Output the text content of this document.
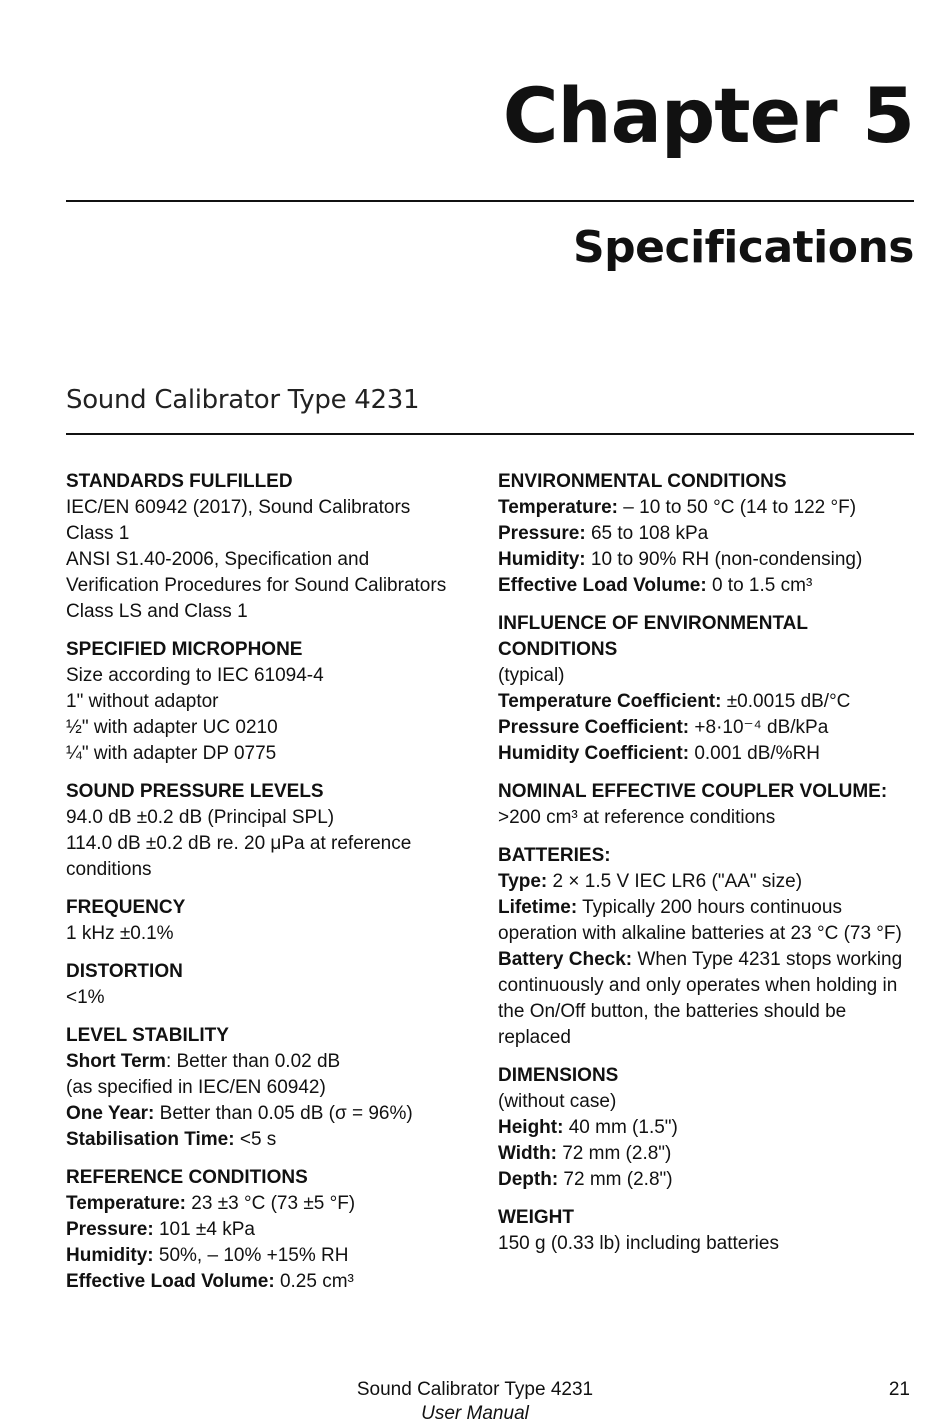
Chapter 5
Specifications
Sound Calibrator Type 4231
STANDARDS FULFILLED
IEC/EN 60942 (2017), Sound Calibrators
Class 1
ANSI S1.40-2006, Specification and
Verification Procedures for Sound Calibrators
Class LS and Class 1
SPECIFIED MICROPHONE
Size according to IEC 61094-4
1" without adaptor
½" with adapter UC 0210
¼" with adapter DP 0775
SOUND PRESSURE LEVELS
94.0 dB ±0.2 dB (Principal SPL)
114.0 dB ±0.2 dB re. 20 μPa at reference
conditions
FREQUENCY
1 kHz ±0.1%
DISTORTION
<1%
LEVEL STABILITY
Short Term: Better than 0.02 dB
(as specified in IEC/EN 60942)
One Year: Better than 0.05 dB (σ = 96%)
Stabilisation Time: <5 s
REFERENCE CONDITIONS
Temperature: 23 ±3 °C (73 ±5 °F)
Pressure: 101 ±4 kPa
Humidity: 50%, – 10% +15% RH
Effective Load Volume: 0.25 cm³
ENVIRONMENTAL CONDITIONS
Temperature: – 10 to 50 °C (14 to 122 °F)
Pressure: 65 to 108 kPa
Humidity: 10 to 90% RH (non-condensing)
Effective Load Volume: 0 to 1.5 cm³
INFLUENCE OF ENVIRONMENTAL CONDITIONS
(typical)
Temperature Coefficient: ±0.0015 dB/°C
Pressure Coefficient: +8·10⁻⁴ dB/kPa
Humidity Coefficient: 0.001 dB/%RH
NOMINAL EFFECTIVE COUPLER VOLUME:
>200 cm³ at reference conditions
BATTERIES:
Type: 2 × 1.5 V IEC LR6 ("AA" size)
Lifetime: Typically 200 hours continuous operation with alkaline batteries at 23 °C (73 °F)
Battery Check: When Type 4231 stops working continuously and only operates when holding in the On/Off button, the batteries should be replaced
DIMENSIONS
(without case)
Height: 40 mm (1.5")
Width: 72 mm (2.8")
Depth: 72 mm (2.8")
WEIGHT
150 g (0.33 lb) including batteries
Sound Calibrator Type 4231
User Manual
21
